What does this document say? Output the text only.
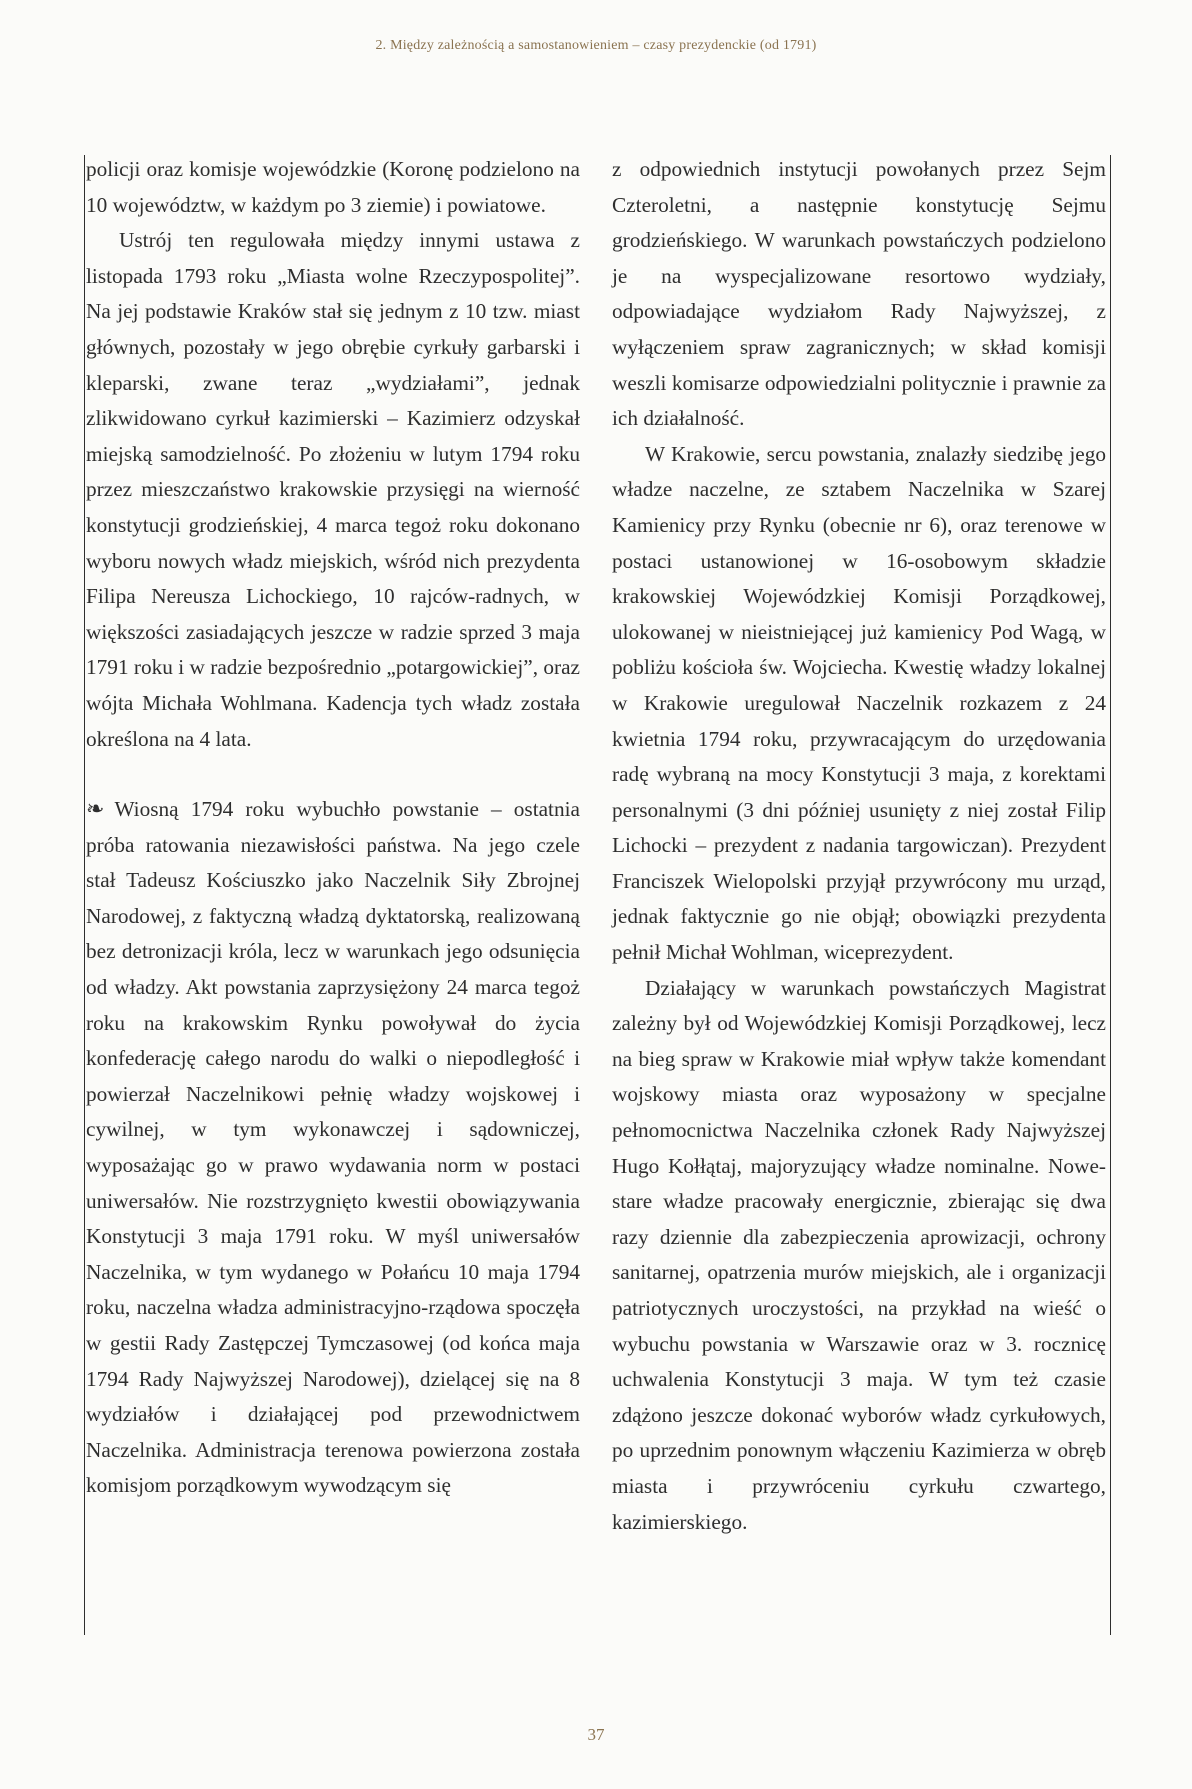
2. Między zależnością a samostanowieniem – czasy prezydenckie (od 1791)

policji oraz komisje wojewódzkie (Koronę podzielono na 10 województw, w każdym po 3 ziemie) i powiatowe.

Ustrój ten regulowała między innymi ustawa z listopada 1793 roku „Miasta wolne Rzeczypospolitej”. Na jej podstawie Kraków stał się jednym z 10 tzw. miast głównych, pozostały w jego obrębie cyrkuły garbarski i kleparski, zwane teraz „wydziałami”, jednak zlikwidowano cyrkuł kazimierski – Kazimierz odzyskał miejską samodzielność. Po złożeniu w lutym 1794 roku przez mieszczaństwo krakowskie przysięgi na wierność konstytucji grodzieńskiej, 4 marca tegoż roku dokonano wyboru nowych władz miejskich, wśród nich prezydenta Filipa Nereusza Lichockiego, 10 rajców-radnych, w większości zasiadających jeszcze w radzie sprzed 3 maja 1791 roku i w radzie bezpośrednio „potargowickiej”, oraz wójta Michała Wohlmana. Kadencja tych władz została określona na 4 lata.

❧ Wiosną 1794 roku wybuchło powstanie – ostatnia próba ratowania niezawisłości państwa. Na jego czele stał Tadeusz Kościuszko jako Naczelnik Siły Zbrojnej Narodowej, z faktyczną władzą dyktatorską, realizowaną bez detronizacji króla, lecz w warunkach jego odsunięcia od władzy. Akt powstania zaprzysiężony 24 marca tegoż roku na krakowskim Rynku powoływał do życia konfederację całego narodu do walki o niepodległość i powierzał Naczelnikowi pełnię władzy wojskowej i cywilnej, w tym wykonawczej i sądowniczej, wyposażając go w prawo wydawania norm w postaci uniwersałów. Nie rozstrzygnięto kwestii obowiązywania Konstytucji 3 maja 1791 roku. W myśl uniwersałów Naczelnika, w tym wydanego w Połańcu 10 maja 1794 roku, naczelna władza administracyjno-rządowa spoczęła w gestii Rady Zastępczej Tymczasowej (od końca maja 1794 Rady Najwyższej Narodowej), dzielącej się na 8 wydziałów i działającej pod przewodnictwem Naczelnika. Administracja terenowa powierzona została komisjom porządkowym wywodzącym się

z odpowiednich instytucji powołanych przez Sejm Czteroletni, a następnie konstytucję Sejmu grodzieńskiego. W warunkach powstańczych podzielono je na wyspecjalizowane resortowo wydziały, odpowiadające wydziałom Rady Najwyższej, z wyłączeniem spraw zagranicznych; w skład komisji weszli komisarze odpowiedzialni politycznie i prawnie za ich działalność.

W Krakowie, sercu powstania, znalazły siedzibę jego władze naczelne, ze sztabem Naczelnika w Szarej Kamienicy przy Rynku (obecnie nr 6), oraz terenowe w postaci ustanowionej w 16-osobowym składzie krakowskiej Wojewódzkiej Komisji Porządkowej, ulokowanej w nieistniejącej już kamienicy Pod Wagą, w pobliżu kościoła św. Wojciecha. Kwestię władzy lokalnej w Krakowie uregulował Naczelnik rozkazem z 24 kwietnia 1794 roku, przywracającym do urzędowania radę wybraną na mocy Konstytucji 3 maja, z korektami personalnymi (3 dni później usunięty z niej został Filip Lichocki – prezydent z nadania targowiczan). Prezydent Franciszek Wielopolski przyjął przywrócony mu urząd, jednak faktycznie go nie objął; obowiązki prezydenta pełnił Michał Wohlman, wiceprezydent.

Działający w warunkach powstańczych Magistrat zależny był od Wojewódzkiej Komisji Porządkowej, lecz na bieg spraw w Krakowie miał wpływ także komendant wojskowy miasta oraz wyposażony w specjalne pełnomocnictwa Naczelnika członek Rady Najwyższej Hugo Kołłątaj, majoryzujący władze nominalne. Nowe-stare władze pracowały energicznie, zbierając się dwa razy dziennie dla zabezpieczenia aprowizacji, ochrony sanitarnej, opatrzenia murów miejskich, ale i organizacji patriotycznych uroczystości, na przykład na wieść o wybuchu powstania w Warszawie oraz w 3. rocznicę uchwalenia Konstytucji 3 maja. W tym też czasie zdążono jeszcze dokonać wyborów władz cyrkułowych, po uprzednim ponownym włączeniu Kazimierza w obręb miasta i przywróceniu cyrkułu czwartego, kazimierskiego.

37
